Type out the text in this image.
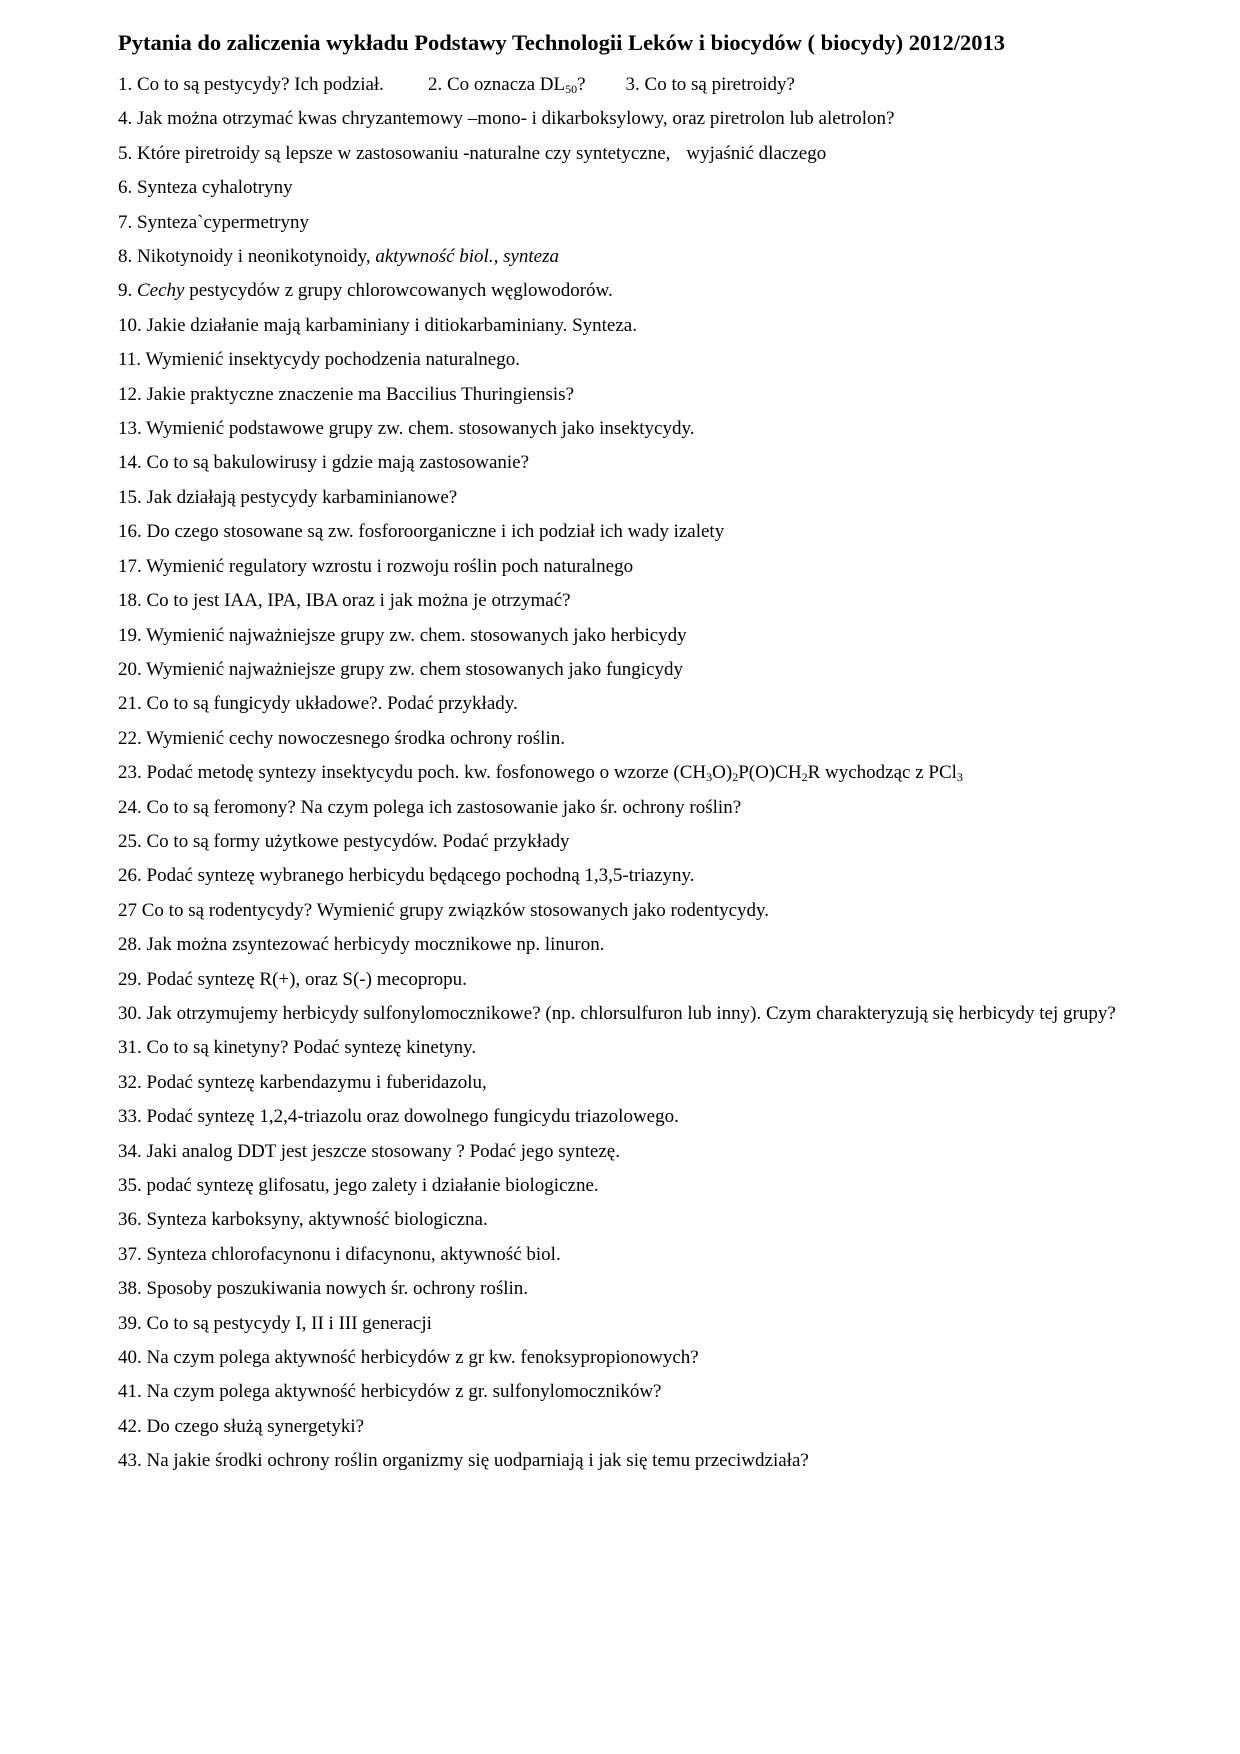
Pytania do zaliczenia wykładu Podstawy Technologii Leków i biocydów ( biocydy) 2012/2013

1. Co to są pestycydy? Ich podział. 2. Co oznacza $DL_{50}$? 3. Co to są piretroidy?

4. Jak można otrzymać kwas chryzantemowy –mono- i dikarboksylowy, oraz piretrolon lub aletrolon?

5. Które piretroidy są lepsze w zastosowaniu -naturalne czy syntetyczne, wyjaśnić dlaczego

6. Synteza cyhalotryny

7. Synteza`cypermetryny

8. Nikotynoidy i neonikotynoidy, aktywność biol., synteza

9. Cechy pestycydów z grupy chlorowcowanych węglowodorów.

10. Jakie działanie mają karbaminiany i ditiokarbaminiany. Synteza.

11. Wymienić insektycydy pochodzenia naturalnego.

12. Jakie praktyczne znaczenie ma Baccilius Thuringiensis?

13. Wymienić podstawowe grupy zw. chem. stosowanych jako insektycydy.

14. Co to są bakulowirusy i gdzie mają zastosowanie?

15. Jak działają pestycydy karbaminianowe?

16. Do czego stosowane są zw. fosforoorganiczne i ich podział ich wady izalety

17. Wymienić regulatory wzrostu i rozwoju roślin poch naturalnego

18. Co to jest IAA, IPA, IBA oraz i jak można je otrzymać?

19. Wymienić najważniejsze grupy zw. chem. stosowanych jako herbicydy

20. Wymienić najważniejsze grupy zw. chem stosowanych jako fungicydy

21. Co to są fungicydy układowe?. Podać przykłady.

22. Wymienić cechy nowoczesnego środka ochrony roślin.

23. Podać metodę syntezy insektycydu poch. kw. fosfonowego o wzorze $(CH_3O)_2P(O)CH_2R$ wychodząc z PCl$_3$

24. Co to są feromony? Na czym polega ich zastosowanie jako śr. ochrony roślin?

25. Co to są formy użytkowe pestycydów. Podać przykłady

26. Podać syntezę wybranego herbicydu będącego pochodną 1,3,5-triazyny.

27 Co to są rodentycydy? Wymienić grupy związków stosowanych jako rodentycydy.

28. Jak można zsyntezować herbicydy mocznikowe np. linuron.

29. Podać syntezę R(+), oraz S(-) mecopropu.

30. Jak otrzymujemy herbicydy sulfonylomocznikowe? (np. chlorsulfuron lub inny). Czym charakteryzują się herbicydy tej grupy?

31. Co to są kinetyny? Podać syntezę kinetyny.

32. Podać syntezę karbendazymu i fuberidazolu,

33. Podać syntezę 1,2,4-triazolu oraz dowolnego fungicydu triazolowego.

34. Jaki analog DDT jest jeszcze stosowany ? Podać jego syntezę.

35. podać syntezę glifosatu, jego zalety i działanie biologiczne.

36. Synteza karboksyny, aktywność biologiczna.

37. Synteza chlorofacynonu i difacynonu, aktywność biol.

38. Sposoby poszukiwania nowych śr. ochrony roślin.

39. Co to są pestycydy I, II i III generacji

40. Na czym polega aktywność herbicydów z gr kw. fenoksypropionowych?

41. Na czym polega aktywność herbicydów z gr. sulfonylomoczników?

42. Do czego służą synergetyki?

43. Na jakie środki ochrony roślin organizmy się uodparniają i jak się temu przeciwdziała?
